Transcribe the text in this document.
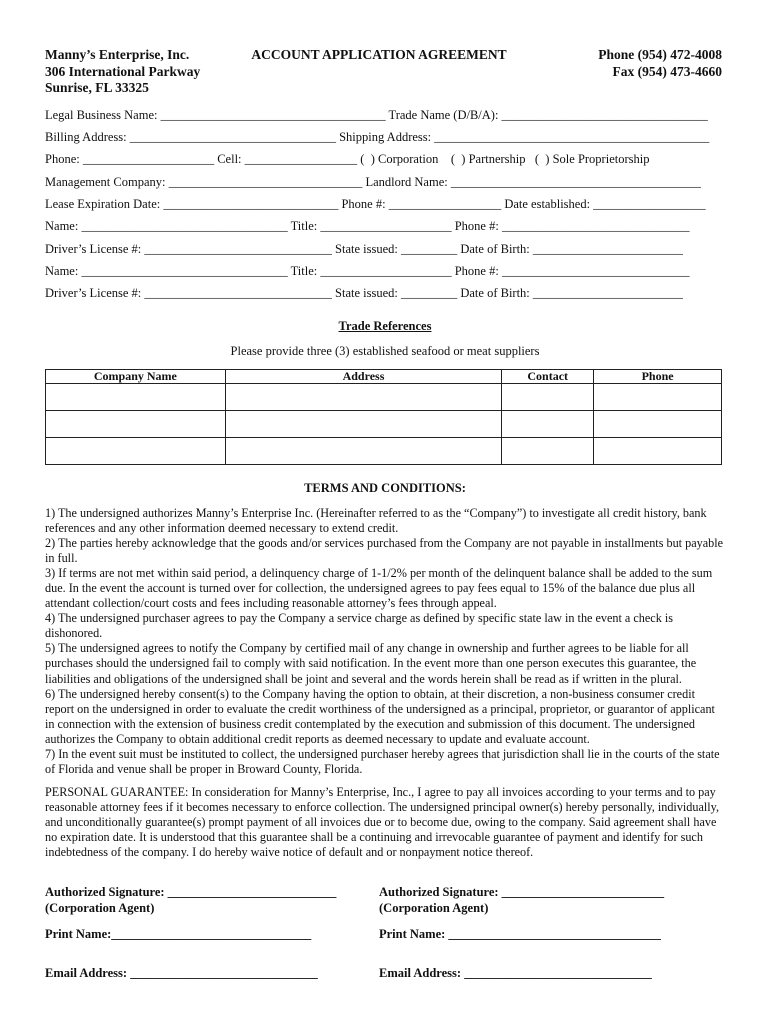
Manny’s Enterprise, Inc.
306 International Parkway
Sunrise, FL 33325
ACCOUNT APPLICATION AGREEMENT	Phone (954) 472-4008
Fax (954) 473-4660
Legal Business Name: ____________________________________ Trade Name (D/B/A): _________________________________
Billing Address: _________________________________ Shipping Address: ____________________________________________
Phone: _____________________ Cell: __________________ (  ) Corporation    (  ) Partnership   (  ) Sole Proprietorship
Management Company: _______________________________ Landlord Name: ________________________________________
Lease Expiration Date: ____________________________ Phone #: __________________ Date established: __________________
Name: _________________________________ Title: _____________________ Phone #: ______________________________
Driver’s License #: ______________________________ State issued: _________ Date of Birth: ________________________
Name: _________________________________ Title: _____________________ Phone #: ______________________________
Driver’s License #: ______________________________ State issued: _________ Date of Birth: ________________________
Trade References
Please provide three (3) established seafood or meat suppliers
Company Name	Address	Contact	Phone

TERMS AND CONDITIONS:

1) The undersigned authorizes Manny’s Enterprise Inc. (Hereinafter referred to as the “Company”) to investigate all credit history, bank references and any other information deemed necessary to extend credit.

2) The parties hereby acknowledge that the goods and/or services purchased from the Company are not payable in installments but payable in full.

3) If terms are not met within said period, a delinquency charge of 1-1/2% per month of the delinquent balance shall be added to the sum due. In the event the account is turned over for collection, the undersigned agrees to pay fees equal to 15% of the balance due plus all attendant collection/court costs and fees including reasonable attorney’s fees through appeal.

4) The undersigned purchaser agrees to pay the Company a service charge as defined by specific state law in the event a check is dishonored.

5) The undersigned agrees to notify the Company by certified mail of any change in ownership and further agrees to be liable for all purchases should the undersigned fail to comply with said notification. In the event more than one person executes this guarantee, the liabilities and obligations of the undersigned shall be joint and several and the words herein shall be read as if written in the plural.

6) The undersigned hereby consent(s) to the Company having the option to obtain, at their discretion, a non-business consumer credit report on the undersigned in order to evaluate the credit worthiness of the undersigned as a principal, proprietor, or guarantor of applicant in connection with the extension of business credit contemplated by the execution and submission of this document. The undersigned authorizes the Company to obtain additional credit reports as deemed necessary to update and evaluate account.

7) In the event suit must be instituted to collect, the undersigned purchaser hereby agrees that jurisdiction shall lie in the courts of the state of Florida and venue shall be proper in Broward County, Florida.

PERSONAL GUARANTEE: In consideration for Manny’s Enterprise, Inc., I agree to pay all invoices according to your terms and to pay reasonable attorney fees if it becomes necessary to enforce collection. The undersigned principal owner(s) hereby personally, individually, and unconditionally guarantee(s) prompt payment of all invoices due or to become due, owing to the company. Said agreement shall have no expiration date. It is understood that this guarantee shall be a continuing and irrevocable guarantee of payment and identify for such indebtedness of the company. I do hereby waive notice of default and or nonpayment notice thereof.

Authorized Signature: ___________________________
(Corporation Agent)
Print Name:________________________________
Email Address: ______________________________
Authorized Signature: __________________________
(Corporation Agent)
Print Name: __________________________________
Email Address: ______________________________
